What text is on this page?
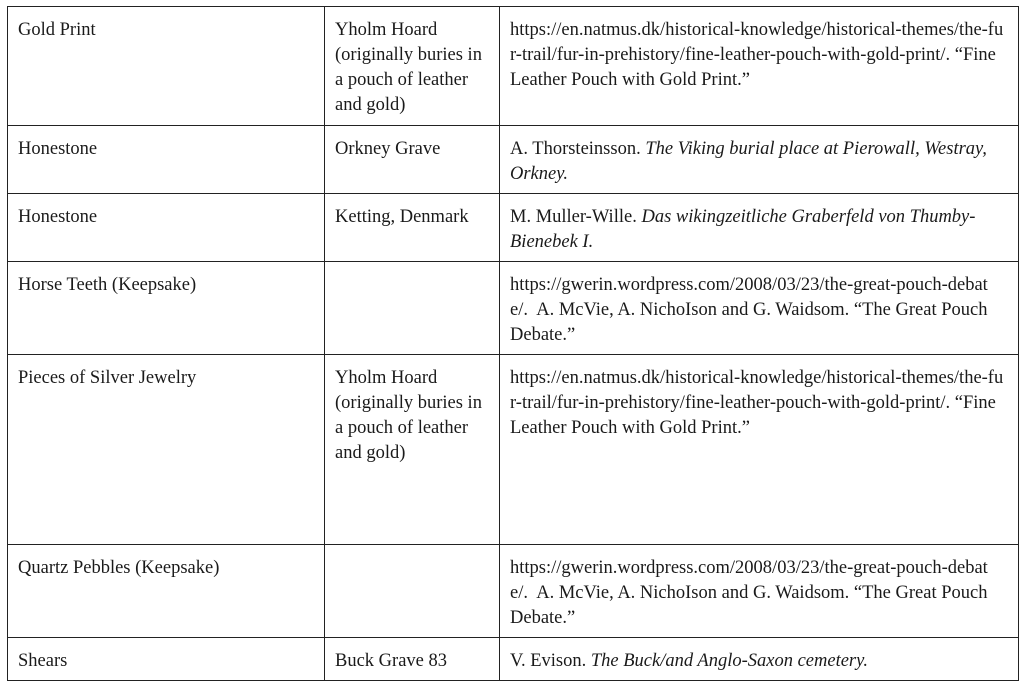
Gold Print	Yholm Hoard (originally buries in a pouch of leather and gold)	https://en.natmus.dk/historical-knowledge/historical-themes/the-fur-trail/fur-in-prehistory/fine-leather-pouch-with-gold-print/. “Fine Leather Pouch with Gold Print.”
Honestone	Orkney Grave	A. Thorsteinsson. The Viking burial place at Pierowall, Westray, Orkney.
Honestone	Ketting, Denmark	M. Muller-Wille. Das wikingzeitliche Graberfeld von Thumby-Bienebek I.
Horse Teeth (Keepsake)		https://gwerin.wordpress.com/2008/03/23/the-great-pouch-debate/. A. McVie, A. NichoIson and G. Waidsom. “The Great Pouch Debate.”
Pieces of Silver Jewelry	Yholm Hoard (originally buries in a pouch of leather and gold)	https://en.natmus.dk/historical-knowledge/historical-themes/the-fur-trail/fur-in-prehistory/fine-leather-pouch-with-gold-print/. “Fine Leather Pouch with Gold Print.”
Quartz Pebbles (Keepsake)		https://gwerin.wordpress.com/2008/03/23/the-great-pouch-debate/. A. McVie, A. NichoIson and G. Waidsom. “The Great Pouch Debate.”
Shears	Buck Grave 83	V. Evison. The Buck/and Anglo-Saxon cemetery.
